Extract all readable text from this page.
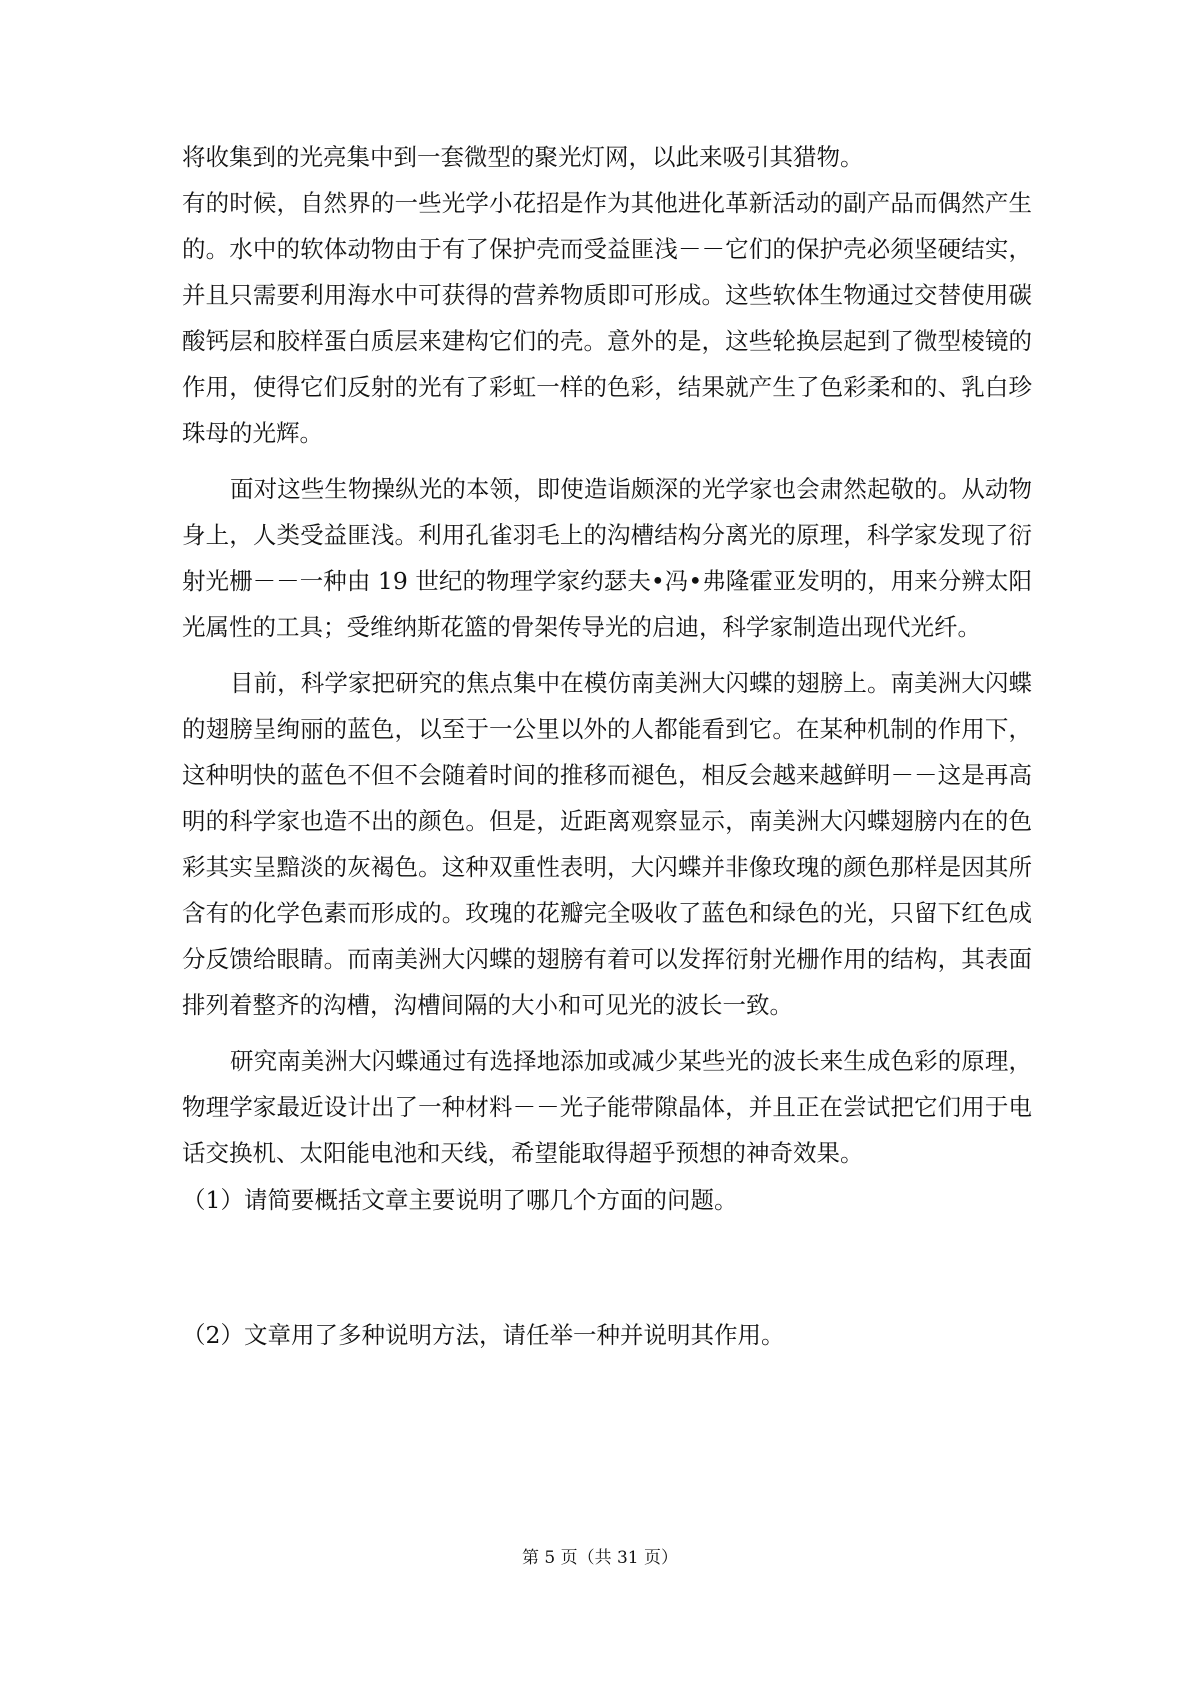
将收集到的光亮集中到一套微型的聚光灯网，以此来吸引其猎物。

有的时候，自然界的一些光学小花招是作为其他进化革新活动的副产品而偶然产生的。水中的软体动物由于有了保护壳而受益匪浅－－它们的保护壳必须坚硬结实，并且只需要利用海水中可获得的营养物质即可形成。这些软体生物通过交替使用碳酸钙层和胶样蛋白质层来建构它们的壳。意外的是，这些轮换层起到了微型棱镜的作用，使得它们反射的光有了彩虹一样的色彩，结果就产生了色彩柔和的、乳白珍珠母的光辉。

面对这些生物操纵光的本领，即使造诣颇深的光学家也会肃然起敬的。从动物身上，人类受益匪浅。利用孔雀羽毛上的沟槽结构分离光的原理，科学家发现了衍射光栅－－一种由 19 世纪的物理学家约瑟夫•冯•弗隆霍亚发明的，用来分辨太阳光属性的工具；受维纳斯花篮的骨架传导光的启迪，科学家制造出现代光纤。

目前，科学家把研究的焦点集中在模仿南美洲大闪蝶的翅膀上。南美洲大闪蝶的翅膀呈绚丽的蓝色，以至于一公里以外的人都能看到它。在某种机制的作用下，这种明快的蓝色不但不会随着时间的推移而褪色，相反会越来越鲜明－－这是再高明的科学家也造不出的颜色。但是，近距离观察显示，南美洲大闪蝶翅膀内在的色彩其实呈黯淡的灰褐色。这种双重性表明，大闪蝶并非像玫瑰的颜色那样是因其所含有的化学色素而形成的。玫瑰的花瓣完全吸收了蓝色和绿色的光，只留下红色成分反馈给眼睛。而南美洲大闪蝶的翅膀有着可以发挥衍射光栅作用的结构，其表面排列着整齐的沟槽，沟槽间隔的大小和可见光的波长一致。

研究南美洲大闪蝶通过有选择地添加或减少某些光的波长来生成色彩的原理，物理学家最近设计出了一种材料－－光子能带隙晶体，并且正在尝试把它们用于电话交换机、太阳能电池和天线，希望能取得超乎预想的神奇效果。

（1）请简要概括文章主要说明了哪几个方面的问题。

（2）文章用了多种说明方法，请任举一种并说明其作用。

第 5 页（共 31 页）
